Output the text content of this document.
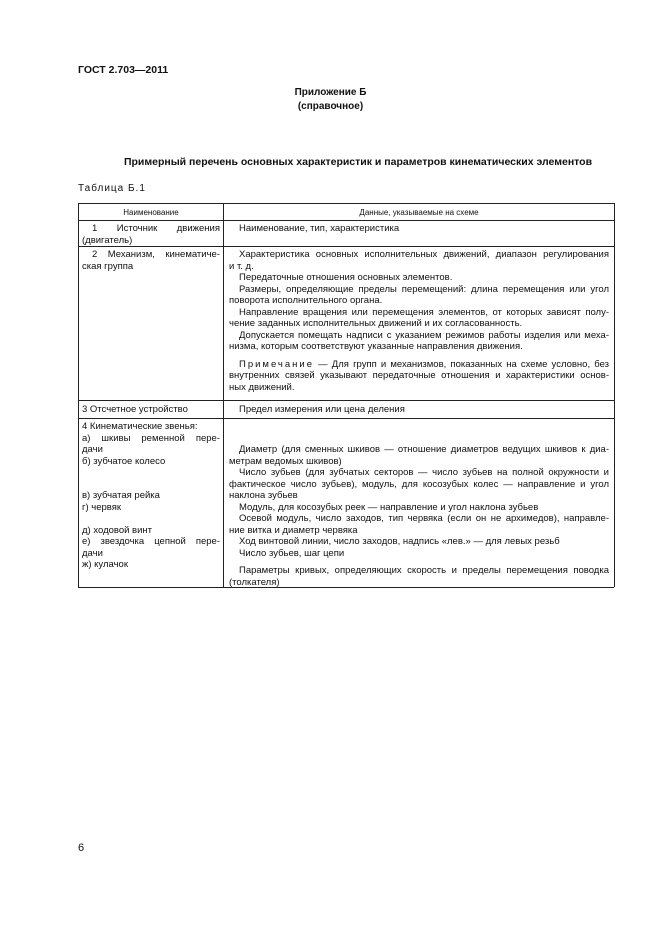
ГОСТ 2.703—2011
Приложение Б
(справочное)
Примерный перечень основных характеристик и параметров кинематических элементов
Таблица Б.1
Наименование	Данные, указываемые на схеме
1 Источник движения
(двигатель)
Наименование, тип, характеристика
2 Механизм, кинематиче-
ская группа
Характеристика основных исполнительных движений, диапазон регулирования
и т. д.
Передаточные отношения основных элементов.
Размеры, определяющие пределы перемещений: длина перемещения или угол
поворота исполнительного органа.
Направление вращения или перемещения элементов, от которых зависят полу-
чение заданных исполнительных движений и их согласованность.
Допускается помещать надписи с указанием режимов работы изделия или меха-
низма, которым соответствуют указанные направления движения.
Примечание — Для групп и механизмов, показанных на схеме условно, без
внутренних связей указывают передаточные отношения и характеристики основ-
ных движений.
3 Отсчетное устройство	Предел измерения или цена деления
4 Кинематические звенья:
а) шкивы ременной пере-
дачи
б) зубчатое колесо
в) зубчатая рейка
г) червяк
д) ходовой винт
е) звездочка цепной пере-
дачи
ж) кулачок
Диаметр (для сменных шкивов — отношение диаметров ведущих шкивов к диа-
метрам ведомых шкивов)
Число зубьев (для зубчатых секторов — число зубьев на полной окружности и
фактическое число зубьев), модуль, для косозубых колес — направление и угол
наклона зубьев
Модуль, для косозубых реек — направление и угол наклона зубьев
Осевой модуль, число заходов, тип червяка (если он не архимедов), направле-
ние витка и диаметр червяка
Ход винтовой линии, число заходов, надпись «лев.» — для левых резьб
Число зубьев, шаг цепи
Параметры кривых, определяющих скорость и пределы перемещения поводка
(толкателя)
6
